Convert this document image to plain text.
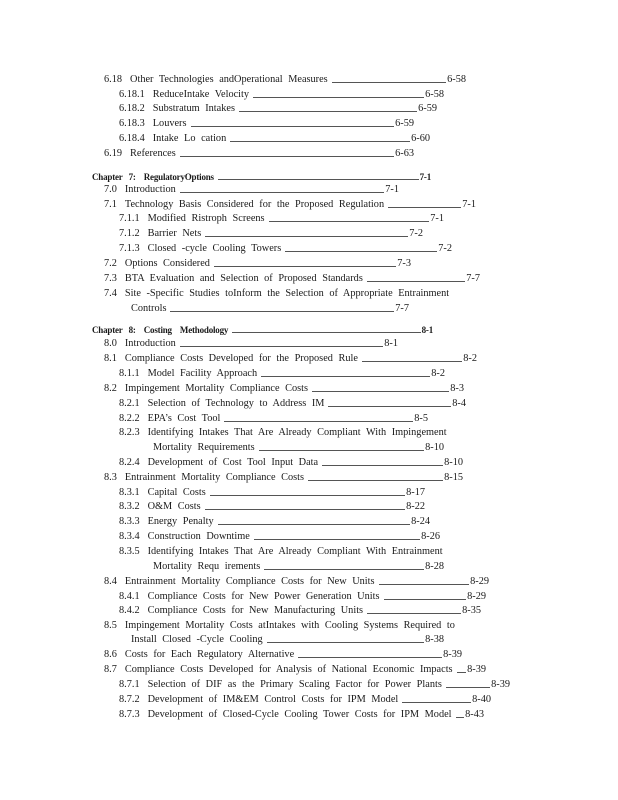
6.18 Other Technologies andOperational Measures	6-58
6.18.1 ReduceIntake Velocity	6-58
6.18.2 Substratum Intakes	6-59
6.18.3 Louvers	6-59
6.18.4 Intake Lo cation	6-60
6.19 References	6-63
Chapter 7: RegulatoryOptions	7-1
7.0 Introduction	7-1
7.1 Technology Basis Considered for the Proposed Regulation	7-1
7.1.1 Modified Ristroph Screens	7-1
7.1.2 Barrier Nets	7-2
7.1.3 Closed -cycle Cooling Towers	7-2
7.2 Options Considered	7-3
7.3 BTA Evaluation and Selection of Proposed Standards	7-7
7.4 Site -Specific Studies toInform the Selection of Appropriate Entrainment
Controls	7-7
Chapter 8: Costing Methodology	8-1
8.0 Introduction	8-1
8.1 Compliance Costs Developed for the Proposed Rule	8-2
8.1.1 Model Facility Approach	8-2
8.2 Impingement Mortality Compliance Costs	8-3
8.2.1 Selection of Technology to Address IM	8-4
8.2.2 EPA’s Cost Tool	8-5
8.2.3 Identifying Intakes That Are Already Compliant With Impingement
Mortality Requirements	8-10
8.2.4 Development of Cost Tool Input Data	8-10
8.3 Entrainment Mortality Compliance Costs	8-15
8.3.1 Capital Costs	8-17
8.3.2 O&M Costs	8-22
8.3.3 Energy Penalty	8-24
8.3.4 Construction Downtime	8-26
8.3.5 Identifying Intakes That Are Already Compliant With Entrainment
Mortality Requ irements	8-28
8.4 Entrainment Mortality Compliance Costs for New Units	8-29
8.4.1 Compliance Costs for New Power Generation Units	8-29
8.4.2 Compliance Costs for New Manufacturing Units	8-35
8.5 Impingement Mortality Costs atIntakes with Cooling Systems Required to
Install Closed -Cycle Cooling	8-38
8.6 Costs for Each Regulatory Alternative	8-39
8.7 Compliance Costs Developed for Analysis of National Economic Impacts 8-39
8.7.1 Selection of DIF as the Primary Scaling Factor for Power Plants	8-39
8.7.2 Development of IM&EM Control Costs for IPM Model	8-40
8.7.3 Development of Closed-Cycle Cooling Tower Costs for IPM Model 8-43
